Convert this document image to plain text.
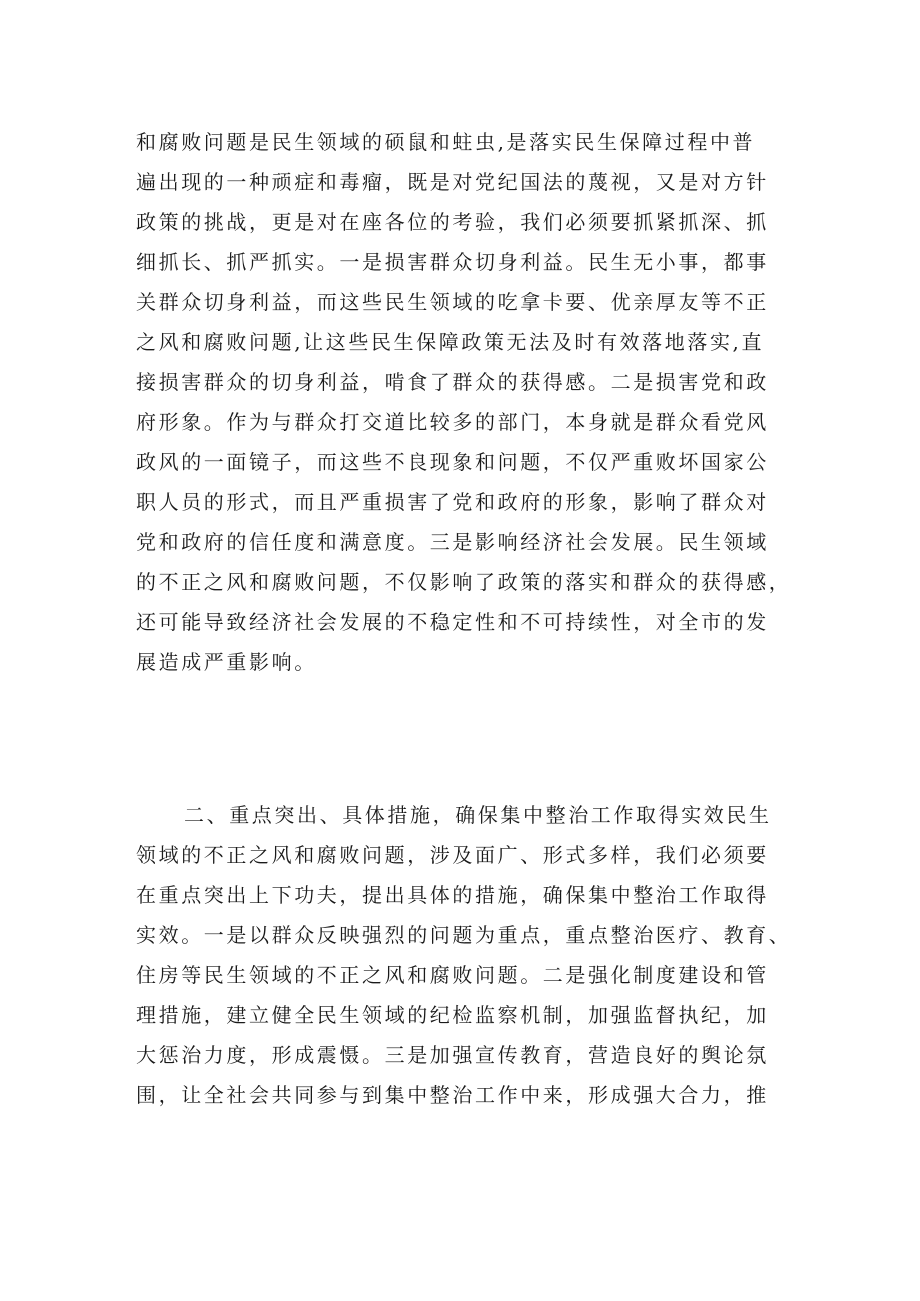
和腐败问题是民生领域的硕鼠和蛀虫,是落实民生保障过程中普
遍出现的一种顽症和毒瘤，既是对党纪国法的蔑视，又是对方针
政策的挑战，更是对在座各位的考验，我们必须要抓紧抓深、抓
细抓长、抓严抓实。一是损害群众切身利益。民生无小事，都事
关群众切身利益，而这些民生领域的吃拿卡要、优亲厚友等不正
之风和腐败问题,让这些民生保障政策无法及时有效落地落实,直
接损害群众的切身利益，啃食了群众的获得感。二是损害党和政
府形象。作为与群众打交道比较多的部门，本身就是群众看党风
政风的一面镜子，而这些不良现象和问题，不仅严重败坏国家公
职人员的形式，而且严重损害了党和政府的形象，影响了群众对
党和政府的信任度和满意度。三是影响经济社会发展。民生领域
的不正之风和腐败问题，不仅影响了政策的落实和群众的获得感，
还可能导致经济社会发展的不稳定性和不可持续性，对全市的发
展造成严重影响。
二、重点突出、具体措施，确保集中整治工作取得实效民生
领域的不正之风和腐败问题，涉及面广、形式多样，我们必须要
在重点突出上下功夫，提出具体的措施，确保集中整治工作取得
实效。一是以群众反映强烈的问题为重点，重点整治医疗、教育、
住房等民生领域的不正之风和腐败问题。二是强化制度建设和管
理措施，建立健全民生领域的纪检监察机制，加强监督执纪，加
大惩治力度，形成震慑。三是加强宣传教育，营造良好的舆论氛
围，让全社会共同参与到集中整治工作中来，形成强大合力，推
